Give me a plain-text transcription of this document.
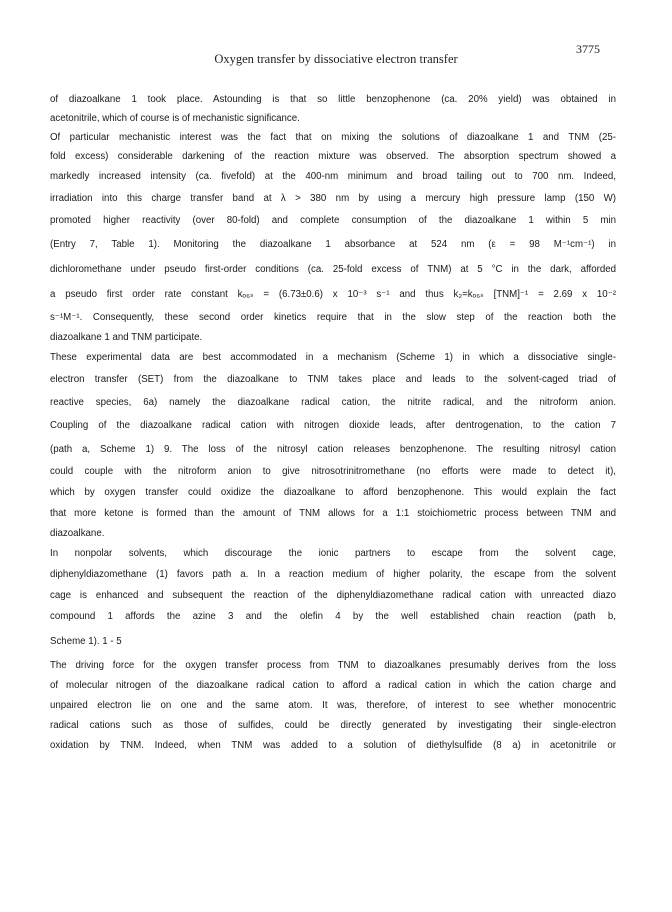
Oxygen transfer by dissociative electron transfer
3775
of diazoalkane 1 took place. Astounding is that so little benzophenone (ca. 20% yield) was obtained in
acetonitrile, which of course is of mechanistic significance.
Of particular mechanistic interest was the fact that on mixing the solutions of diazoalkane 1 and TNM (25-
fold excess) considerable darkening of the reaction mixture was observed. The absorption spectrum showed a
markedly increased intensity (ca. fivefold) at the 400-nm minimum and broad tailing out to 700 nm. Indeed,
irradiation into this charge transfer band at λ > 380 nm by using a mercury high pressure lamp (150 W)
promoted higher reactivity (over 80-fold) and complete consumption of the diazoalkane 1 within 5 min
(Entry 7, Table 1). Monitoring the diazoalkane 1 absorbance at 524 nm (ε = 98 M⁻¹cm⁻¹) in
dichloromethane under pseudo first-order conditions (ca. 25-fold excess of TNM) at 5 °C in the dark, afforded
a pseudo first order rate constant kₒ₆ₛ = (6.73±0.6) x 10⁻³ s⁻¹ and thus k₂=kₒ₆ₛ [TNM]⁻¹ = 2.69 x 10⁻²
s⁻¹M⁻¹. Consequently, these second order kinetics require that in the slow step of the reaction both the
diazoalkane 1 and TNM participate.
These experimental data are best accommodated in a mechanism (Scheme 1) in which a dissociative single-
electron transfer (SET) from the diazoalkane to TNM takes place and leads to the solvent-caged triad of
reactive species, 6a) namely the diazoalkane radical cation, the nitrite radical, and the nitroform anion.
Coupling of the diazoalkane radical cation with nitrogen dioxide leads, after dentrogenation, to the cation 7
(path a, Scheme 1) 9. The loss of the nitrosyl cation releases benzophenone. The resulting nitrosyl cation
could couple with the nitroform anion to give nitrosotrinitromethane (no efforts were made to detect it),
which by oxygen transfer could oxidize the diazoalkane to afford benzophenone. This would explain the fact
that more ketone is formed than the amount of TNM allows for a 1:1 stoichiometric process between TNM and
diazoalkane.
In nonpolar solvents, which discourage the ionic partners to escape from the solvent cage,
diphenyldiazomethane (1) favors path a. In a reaction medium of higher polarity, the escape from the solvent
cage is enhanced and subsequent the reaction of the diphenyldiazomethane radical cation with unreacted diazo
compound 1 affords the azine 3 and the olefin 4 by the well established chain reaction (path b,
Scheme 1). 1 - 5
The driving force for the oxygen transfer process from TNM to diazoalkanes presumably derives from the loss
of molecular nitrogen of the diazoalkane radical cation to afford a radical cation in which the cation charge and
unpaired electron lie on one and the same atom. It was, therefore, of interest to see whether monocentric
radical cations such as those of sulfides, could be directly generated by investigating their single-electron
oxidation by TNM. Indeed, when TNM was added to a solution of diethylsulfide (8 a) in acetonitrile or
